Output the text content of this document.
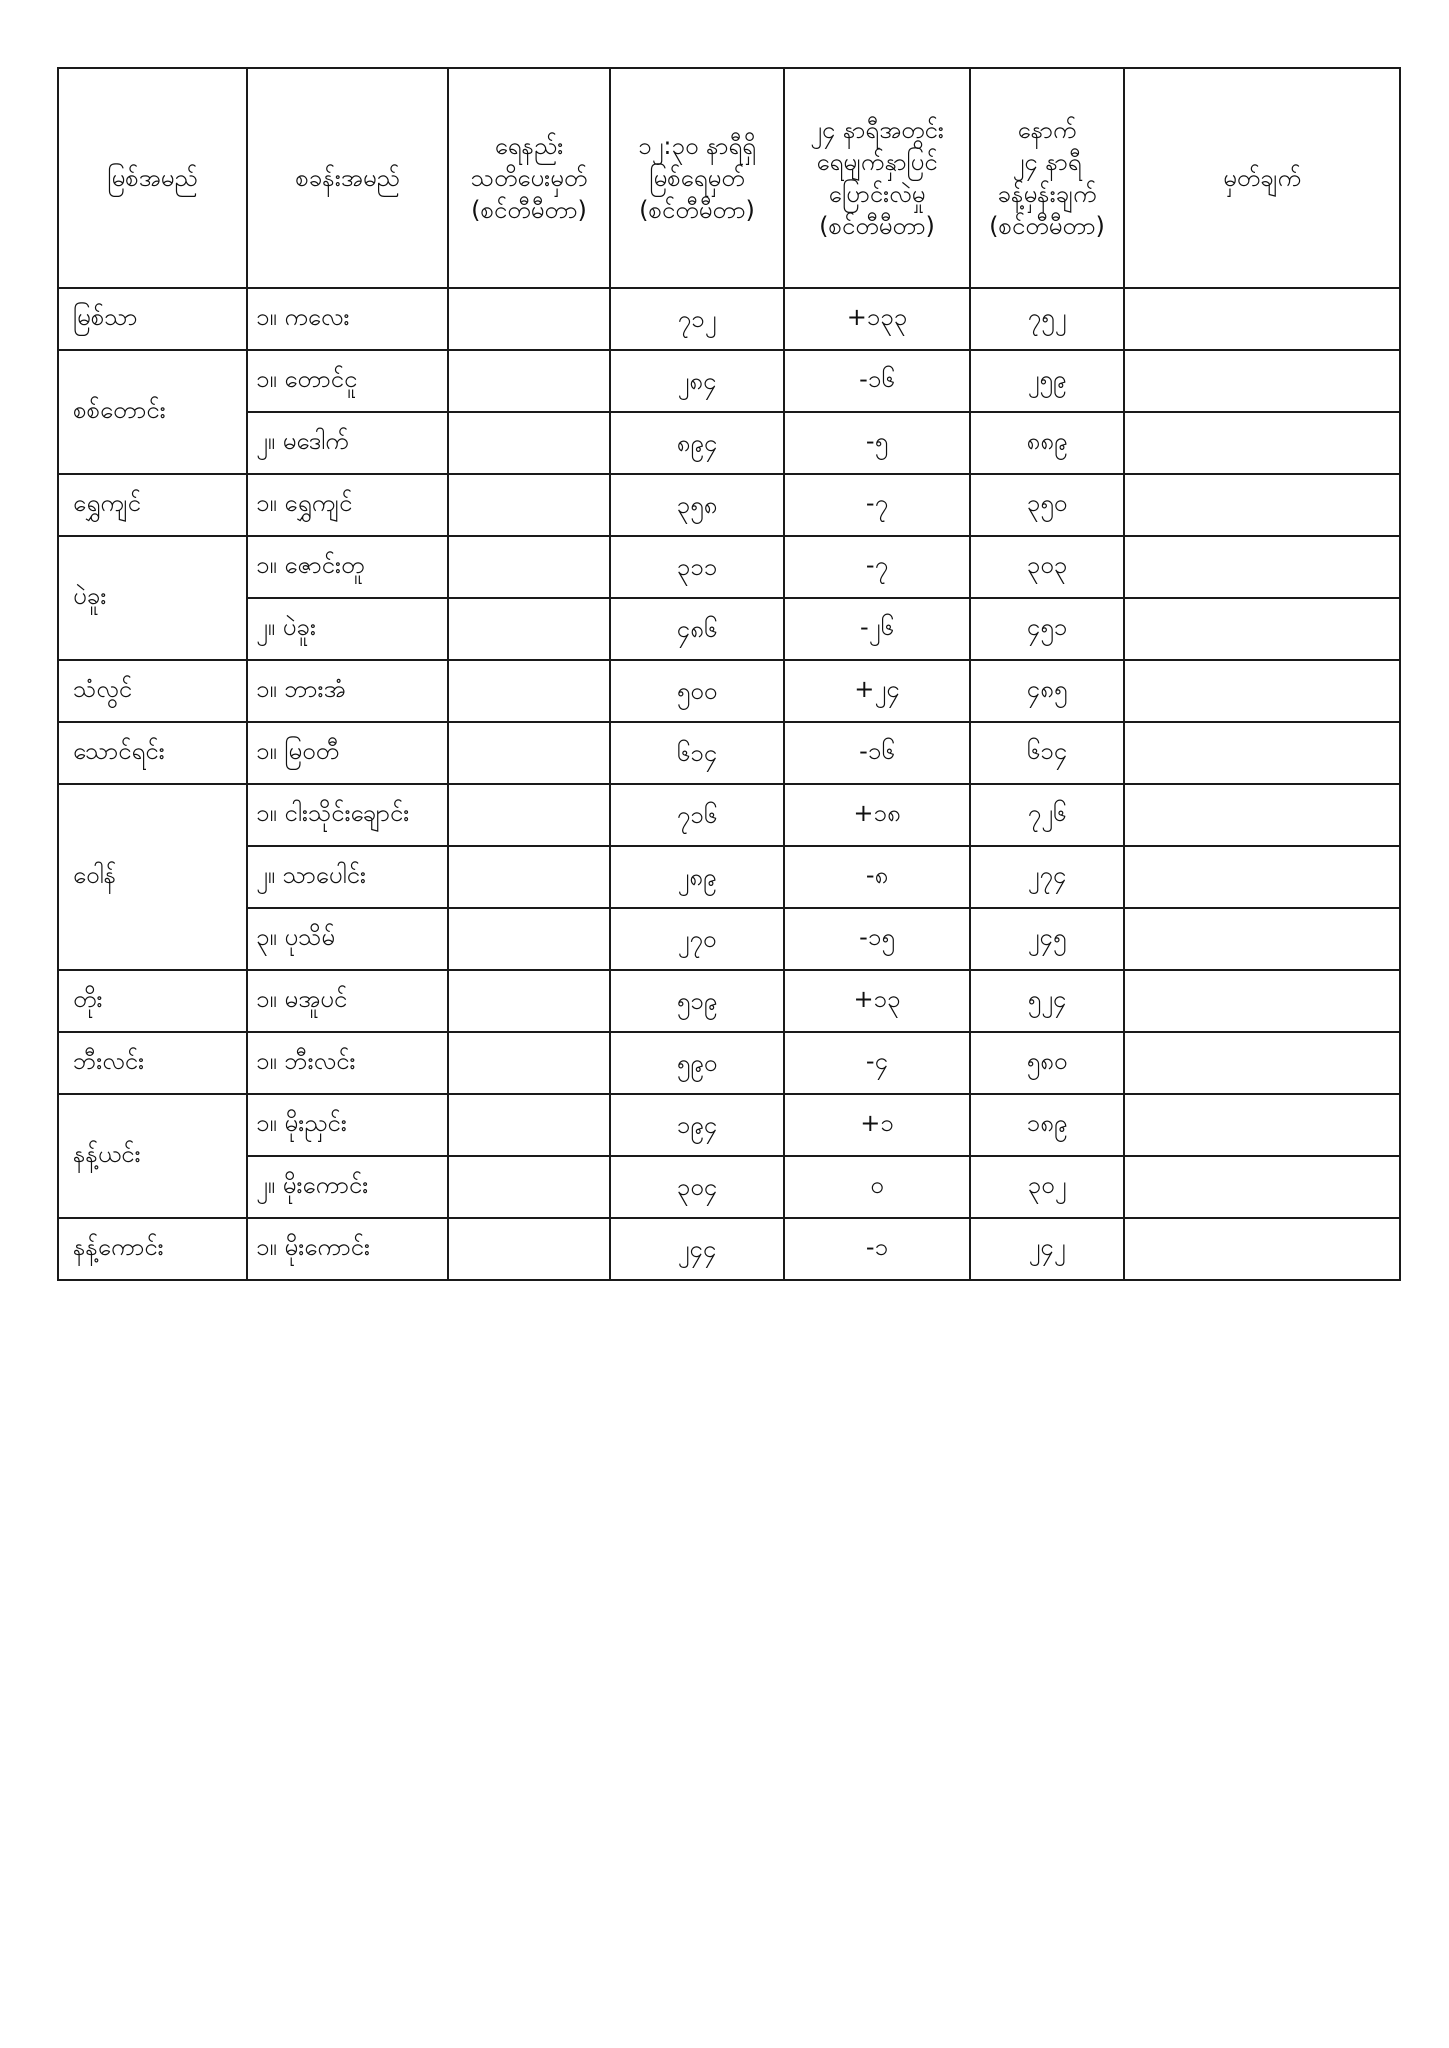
မြစ်အမည်	စခန်းအမည်	ရေနည်း
သတိပေးမှတ်
(စင်တီမီတာ)	၁၂:၃၀ နာရီရှိ
မြစ်ရေမှတ်
(စင်တီမီတာ)	၂၄ နာရီအတွင်း
ရေမျက်နှာပြင်
ပြောင်းလဲမှု
(စင်တီမီတာ)	နောက်
၂၄ နာရီ
ခန့်မှန်းချက်
(စင်တီမီတာ)	မှတ်ချက်
မြစ်သာ	၁။ ကလေး		၇၁၂	+၁၃၃	၇၅၂	
စစ်တောင်း	၁။ တောင်ငူ		၂၈၄	-၁၆	၂၅၉	
	၂။ မဒေါက်		၈၉၄	-၅	၈၈၉	
ရွှေကျင်	၁။ ရွှေကျင်		၃၅၈	-၇	၃၅၀	
ပဲခူး	၁။ ဇောင်းတူ		၃၁၁	-၇	၃၀၃	
	၂။ ပဲခူး		၄၈၆	-၂၆	၄၅၁	
သံလွင်	၁။ ဘားအံ		၅၀၀	+၂၄	၄၈၅	
သောင်ရင်း	၁။ မြဝတီ		၆၁၄	-၁၆	၆၁၄	
ဝေါန်	၁။ ငါးသိုင်းချောင်း		၇၁၆	+၁၈	၇၂၆	
	၂။ သာပေါင်း		၂၈၉	-၈	၂၇၄	
	၃။ ပုသိမ်		၂၇၀	-၁၅	၂၄၅	
တိုး	၁။ မအူပင်		၅၁၉	+၁၃	၅၂၄	
ဘီးလင်း	၁။ ဘီးလင်း		၅၉၀	-၄	၅၈၀	
နန့်ယင်း	၁။ မိုးညှင်း		၁၉၄	+၁	၁၈၉	
	၂။ မိုးကောင်း		၃၀၄	၀	၃၀၂	
နန့်ကောင်း	၁။ မိုးကောင်း		၂၄၄	-၁	၂၄၂	
